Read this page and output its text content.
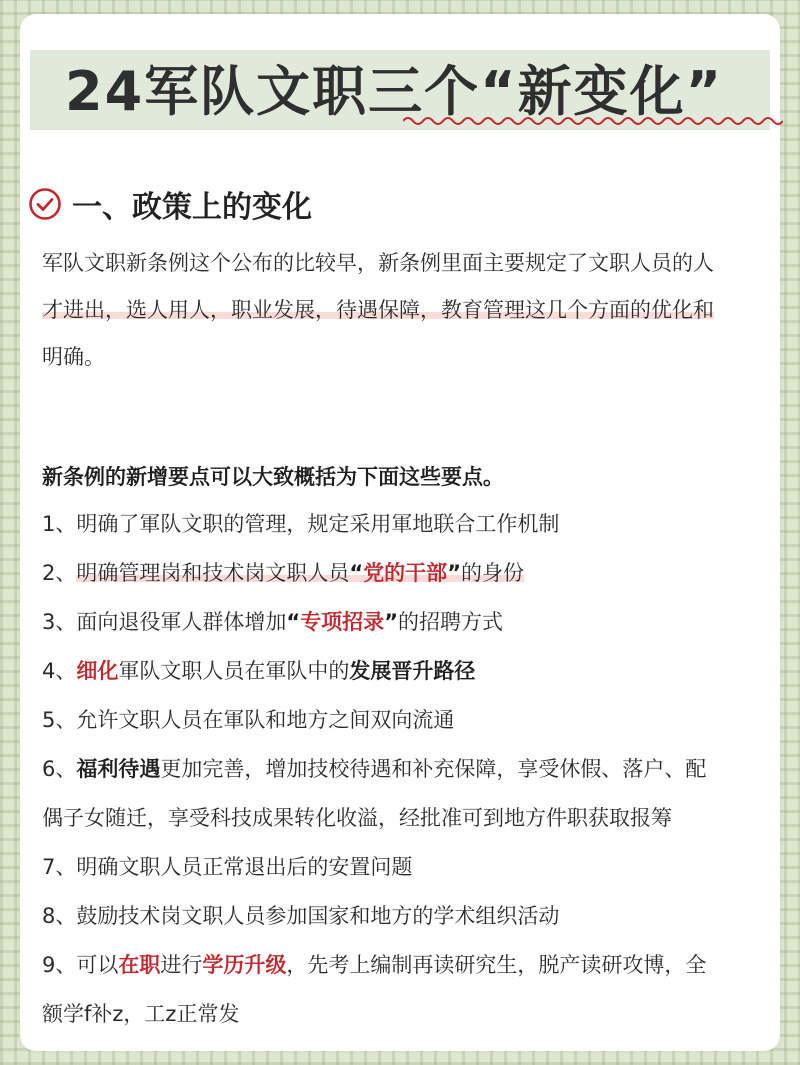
24军队文职三个“新变化”
一、政策上的变化
军队文职新条例这个公布的比较早，新条例里面主要规定了文职人员的人
才进出，选人用人，职业发展，待遇保障，教育管理这几个方面的优化和
明确。
新条例的新增要点可以大致概括为下面这些要点。
1、明确了軍队文职的管理，规定采用軍地联合工作机制
2、明确管理岗和技术岗文职人员“党的干部”的身份
3、面向退役軍人群体增加“专项招录”的招聘方式
4、细化軍队文职人员在軍队中的发展晋升路径
5、允许文职人员在軍队和地方之间双向流通
6、福利待遇更加完善，增加技校待遇和补充保障，享受休假、落户、配
偶子女随迁，享受科技成果转化收溢，经批准可到地方件职获取报筹
7、明确文职人员正常退出后的安置问题
8、鼓励技术岗文职人员参加国家和地方的学术组织活动
9、可以在职进行学历升级，先考上编制再读研究生，脱产读研攻博，全
额学f补z，工z正常发
